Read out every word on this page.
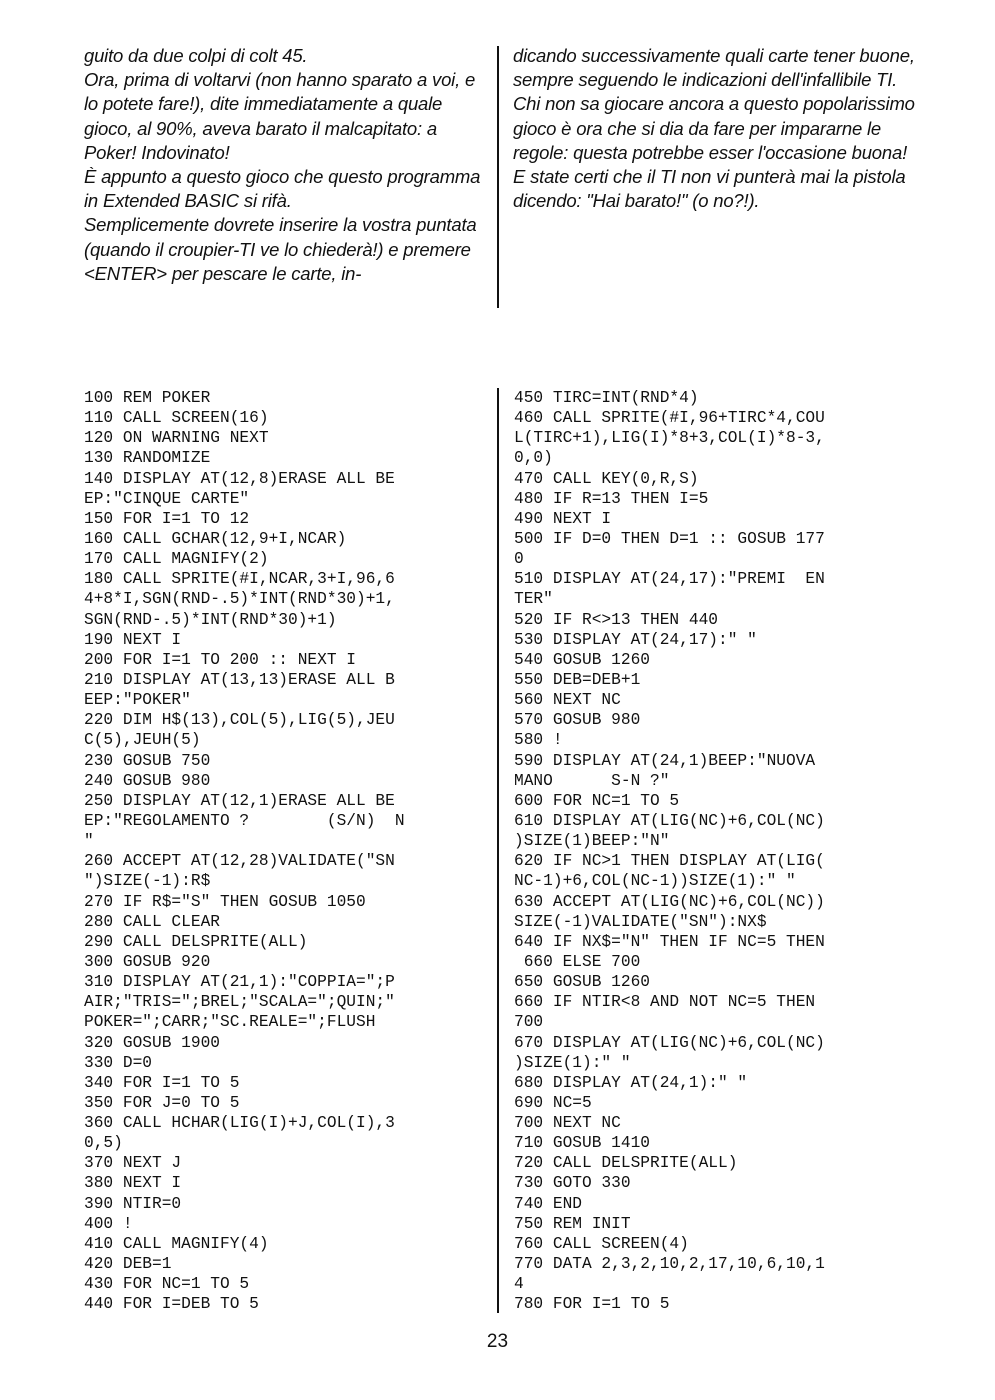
guito da due colpi di colt 45.

Ora, prima di voltarvi (non hanno sparato a voi, e lo potete fare!), dite immediatamente a quale gioco, al 90%, aveva barato il malcapitato: a Poker! Indovinato!

È appunto a questo gioco che questo programma in Extended BASIC si rifà.

Semplicemente dovrete inserire la vostra puntata (quando il croupier-TI ve lo chiederà!) e premere <ENTER> per pescare le carte, in-

dicando successivamente quali carte tener buone, sempre seguendo le indicazioni dell'infallibile TI.

Chi non sa giocare ancora a questo popolarissimo gioco è ora che si dia da fare per impararne le regole: questa potrebbe esser l'occasione buona!

E state certi che il TI non vi punterà mai la pistola dicendo: "Hai barato!" (o no?!).

100 REM POKER
110 CALL SCREEN(16)
120 ON WARNING NEXT
130 RANDOMIZE
140 DISPLAY AT(12,8)ERASE ALL BE
EP:"CINQUE CARTE"
150 FOR I=1 TO 12
160 CALL GCHAR(12,9+I,NCAR)
170 CALL MAGNIFY(2)
180 CALL SPRITE(#I,NCAR,3+I,96,6
4+8*I,SGN(RND-.5)*INT(RND*30)+1,
SGN(RND-.5)*INT(RND*30)+1)
190 NEXT I
200 FOR I=1 TO 200 :: NEXT I
210 DISPLAY AT(13,13)ERASE ALL B
EEP:"POKER"
220 DIM H$(13),COL(5),LIG(5),JEU
C(5),JEUH(5)
230 GOSUB 750
240 GOSUB 980
250 DISPLAY AT(12,1)ERASE ALL BE
EP:"REGOLAMENTO ?        (S/N)  N
"
260 ACCEPT AT(12,28)VALIDATE("SN
")SIZE(-1):R$
270 IF R$="S" THEN GOSUB 1050
280 CALL CLEAR
290 CALL DELSPRITE(ALL)
300 GOSUB 920
310 DISPLAY AT(21,1):"COPPIA=";P
AIR;"TRIS=";BREL;"SCALA=";QUIN;"
POKER=";CARR;"SC.REALE=";FLUSH
320 GOSUB 1900
330 D=0
340 FOR I=1 TO 5
350 FOR J=0 TO 5
360 CALL HCHAR(LIG(I)+J,COL(I),3
0,5)
370 NEXT J
380 NEXT I
390 NTIR=0
400 !
410 CALL MAGNIFY(4)
420 DEB=1
430 FOR NC=1 TO 5
440 FOR I=DEB TO 5
450 TIRC=INT(RND*4)
460 CALL SPRITE(#I,96+TIRC*4,COU
L(TIRC+1),LIG(I)*8+3,COL(I)*8-3,
0,0)
470 CALL KEY(0,R,S)
480 IF R=13 THEN I=5
490 NEXT I
500 IF D=0 THEN D=1 :: GOSUB 177
0
510 DISPLAY AT(24,17):"PREMI  EN
TER"
520 IF R<>13 THEN 440
530 DISPLAY AT(24,17):" "
540 GOSUB 1260
550 DEB=DEB+1
560 NEXT NC
570 GOSUB 980
580 !
590 DISPLAY AT(24,1)BEEP:"NUOVA
MANO      S-N ?"
600 FOR NC=1 TO 5
610 DISPLAY AT(LIG(NC)+6,COL(NC)
)SIZE(1)BEEP:"N"
620 IF NC>1 THEN DISPLAY AT(LIG(
NC-1)+6,COL(NC-1))SIZE(1):" "
630 ACCEPT AT(LIG(NC)+6,COL(NC))
SIZE(-1)VALIDATE("SN"):NX$
640 IF NX$="N" THEN IF NC=5 THEN
660 ELSE 700
650 GOSUB 1260
660 IF NTIR<8 AND NOT NC=5 THEN
700
670 DISPLAY AT(LIG(NC)+6,COL(NC)
)SIZE(1):" "
680 DISPLAY AT(24,1):" "
690 NC=5
700 NEXT NC
710 GOSUB 1410
720 CALL DELSPRITE(ALL)
730 GOTO 330
740 END
750 REM INIT
760 CALL SCREEN(4)
770 DATA 2,3,2,10,2,17,10,6,10,1
4
780 FOR I=1 TO 5
23
